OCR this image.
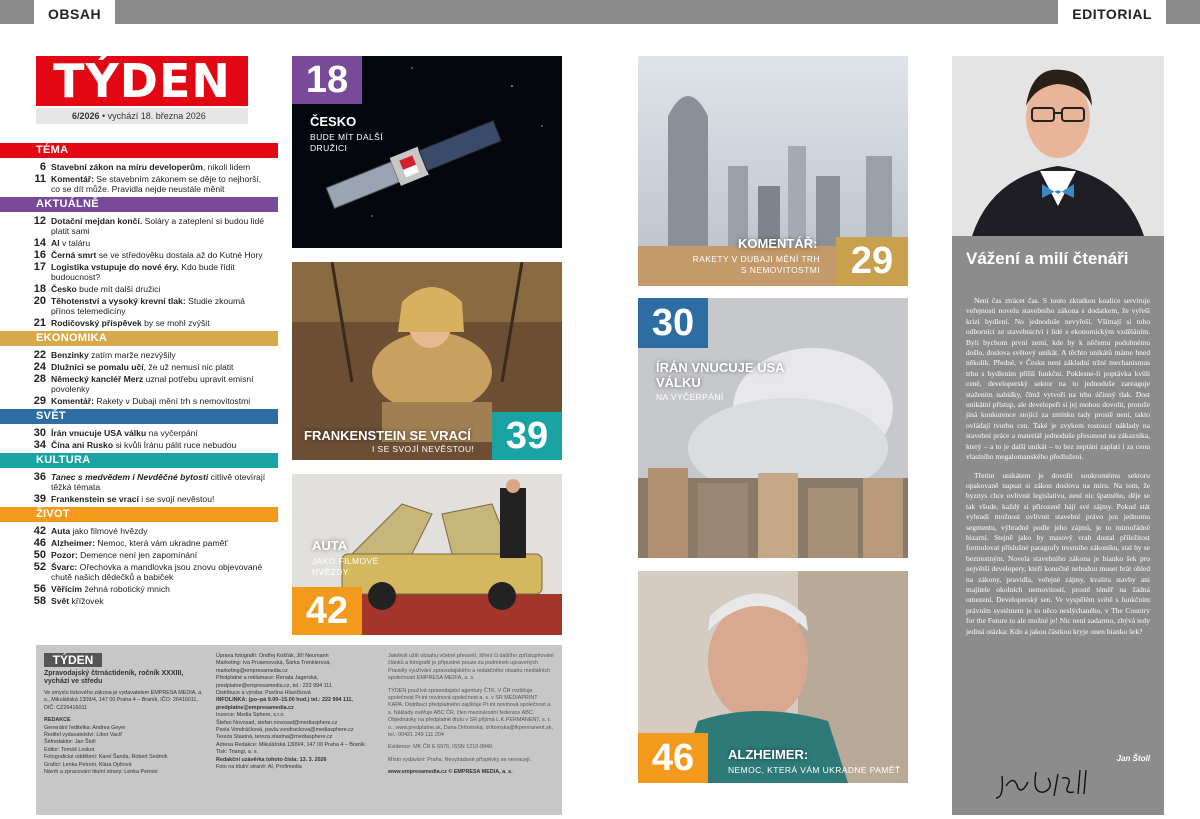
OBSAH	EDITORIAL
TÝDEN
6/2026 • vychází 18. března 2026
TÉMA
6 Stavební zákon na míru developerům, nikoli lidem
11 Komentář: Se stavebním zákonem se děje to nejhorší, co se dít může. Pravidla nejde neustále měnit
AKTUÁLNĚ
12 Dotační mejdan končí. Soláry a zateplení si budou lidé platit sami
14 AI v taláru
16 Černá smrt se ve středověku dostala až do Kutné Hory
17 Logistika vstupuje do nové éry. Kdo bude řídit budoucnost?
18 Česko bude mít další družici
20 Těhotenství a vysoký krevní tlak: Studie zkoumá přínos telemedicíny
21 Rodičovský příspěvek by se mohl zvýšit
EKONOMIKA
22 Benzinky zatím marže nezvýšily
24 Dlužníci se pomalu učí, že už nemusí nic platit
28 Německý kancléř Merz uznal potřebu upravit emisní povolenky
29 Komentář: Rakety v Dubaji mění trh s nemovitostmi
SVĚT
30 Írán vnucuje USA válku na vyčerpání
34 Čína ani Rusko si kvůli Íránu pálit ruce nebudou
KULTURA
36 Tanec s medvědem i Nevděčné bytosti citlivě otevírají těžká témata
39 Frankenstein se vrací i se svojí nevěstou!
ŽIVOT
42 Auta jako filmové hvězdy
46 Alzheimer: Nemoc, která vám ukradne paměť
50 Pozor: Demence není jen zapomínání
52 Švarc: Ořechovka a mandlovka jsou znovu objevované chutě našich dědečků a babiček
56 Věřícím žehná robotický mnich
58 Svět křížovek
TÝDEN
Zpravodajský čtrnáctideník, ročník XXXIII, vychází ve středu
Ve smyslu tiskového zákona je vydavatelem EMPRESA MEDIA, a. s., Mikulášská 1309/4, 147 00 Praha 4 – Braník, IČO: 26416011, DIČ: CZ26416011
REDAKCE
Generální ředitelka: Andrea Geyer
Ředitel vydavatelství: Libor Vacíř
Šéfredaktor: Jan Štoll
Editor: Tomáš Loskot
Fotografické oddělení: Karel Šanda, Robert Sedmík
Grafici: Lenka Petroni, Klára Opltová
Návrh a zpracování titulní strany: Lenka Petroni
Úprava fotografií: Ondřej Košťák, Jiří Neumann
Marketing: Iva Prusenovská, Šárka Trenklerová, marketing@empresamedia.cz
Předplatné a reklamace: Renata Jagerská, predplatne@empresamedia.cz, tel.: 222 994 111
Distribuce a výroba: Pavlína Hlavičková
INFOLINKA: (po–pá 9.00–15.00 hod.) tel.: 222 994 111, predplatne@empresamedia.cz
Inzerce: Media Sphere, s.r.o.
Štefan Novosad, stefan.novosad@mediasphere.cz
Pavla Vondráčková, pavla.vondrackova@mediasphere.cz
Tereza Stastná, tereza.stastna@mediasphere.cz
Adresa Redakce: Mikulášská 1309/4, 147 00 Praha 4 – Braník
Tisk: Triangl, a. s.
Redakční uzávěrka tohoto čísla: 13. 3. 2026
Foto na titulní straně: AI, Profimedia
Jakékoli užití obsahu včetně převzetí, šíření či dalšího zpřístupňování článků a fotografií je přípustné pouze za podmínek upravených Pravidly využívání zpravodajského a redakčního obsahu mediálních společností EMPRESA MEDIA, a. s.
TÝDEN používá zpravodajství agentury ČTK. V ČR rozšiřuje společnost Pr.int novinová společnost a. s. v SR MEDIAPRINT KAPA. Distribuci předplatného zajišťuje Pr.int novinová společnost a. s. Náklady ověřuje ABC ČR, člen mezinárodní federace ABC. Objednávky na předplatné titulu v SR přijímá L.K.PERMANENT, s. r. o., www.predplatne.sk, Dana Drítomská, drítomska@lkpermanent.sk, tel.: 00421 249 111 204
Evidence: MK ČR E 6976, ISSN 1210-9940.
Místo vydávání: Praha. Nevyžádané příspěvky se nevracejí.
www.empresamedia.cz © EMPRESA MEDIA, a. s.
18
ČESKO
BUDE MÍT DALŠÍ DRUŽICI
FRANKENSTEIN SE VRACÍ
I SE SVOJÍ NEVĚSTOU! 39
AUTA
JAKO FILMOVÉ HVĚZDY
42
KOMENTÁŘ:
RAKETY V DUBAJI MĚNÍ TRH S NEMOVITOSTMI 29
30
ÍRÁN VNUCUJE USA VÁLKU
NA VYČERPÁNÍ
46	ALZHEIMER:
NEMOC, KTERÁ VÁM UKRADNE PAMĚŤ
Vážení a milí čtenáři

Není čas ztrácet čas. S touto zkratkou koalice servíruje veřejnosti novelu stavebního zákona s dodatkem, že vyřeší krizi bydlení. No jednoduše nevyřeší. Všímají si toho odborníci ze stavebnictví i lidé s ekonomickým vzděláním. Byli bychom první zemí, kde by k něčemu podobnému došlo, doslova světový unikát. A těchto unikátů máme hned několik. Předně, v Česku není základní tržní mechanismus trhu s bydlením příliš funkční. Poklesne-li poptávka kvůli ceně, developerský sektor na to jednoduše zareaguje stažením nabídky, čímž vytvoří na trhu účinný tlak. Dost unikátní přístup, ale developeři si jej mohou dovolit, protože jiná konkurence stojící za zmínku tady prostě není, takto ovládají tvorbu cen. Také je zvykem rostoucí náklady na stavební práce a materiál jednoduše přesunout na zákazníka, který – a to je další unikát – to bez zeptání zaplatí i za cenu vlastního megalomanského předlužení.

Třetím unikátem je dovolit soukromému sektoru opakovaně napsat si zákon doslova na míru. Na tom, že byznys chce ovlivnit legislativu, není nic špatného, děje se tak všude, každý si přirozeně hájí své zájmy. Pokud stát vyhradí možnost ovlivnit stavební právo jen jednomu segmentu, výhradně podle jeho zájmů, je to mimořádně bizarní. Stejně jako by masový vrah dostal příležitost formulovat příslušné paragrafy trestního zákoníku, stal by se beztrestným. Novela stavebního zákona je bianko šek pro největší developery, kteří konečně nebudou muset brát ohled na zákony, pravidla, veřejné zájmy, kvalitu stavby ani majitele okolních nemovitostí, prostě téměř na žádná omezení. Developerský sen. Ve vyspělém světě s funkčním právním systémem je to něco neslýchaného, v The Country for the Future to ale možné je! Nic není zadarmo, zbývá tedy jediná otázka: Kdo a jakou částkou kryje onen bianko šek?

Jan Štoll
